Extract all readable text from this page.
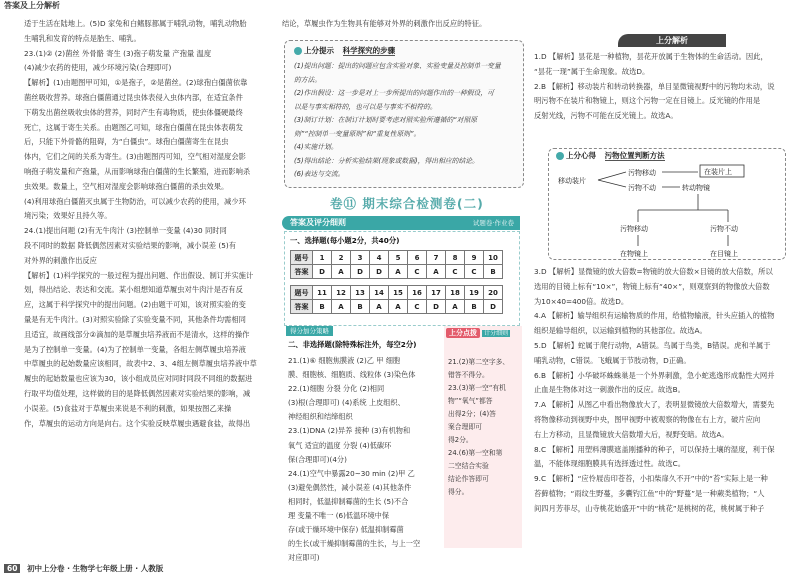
答案及上分解析
适于生活在陆地上。(5)D 家兔和白鳍豚都属于哺乳动物，哺乳动物胎
生哺乳和发育的特点是胎生、哺乳。
23.(1)② (2)菌丝 外骨骼 寄生 (3)孢子萌发量 产孢量 温度
(4)减少农药的使用，减少环境污染(合理即可)
【解析】(1)由题图甲可知，①是孢子，②是菌丝。(2)球孢白僵菌依靠
菌丝吸收营养。球孢白僵菌通过昆虫体表侵入虫体内部，在适宜条件
下萌发出菌丝吸收虫体的营养，同时产生有毒物质，使虫体僵硬最终
死亡，这属于寄生关系。由题图乙可知，球孢白僵菌在昆虫体表萌发
后，只能下外骨骼的阻碍，为“白僵虫”。球孢白僵菌寄生在昆虫
体内，它们之间的关系为寄生。(3)由题图丙可知，空气相对湿度会影
响孢子萌发量和产孢量，从而影响球孢白僵菌的生长繁殖，进而影响杀
虫效果。数量上，空气相对湿度会影响球孢白僵菌的杀虫效果。
(4)利用球孢白僵菌灭虫属于生物防治，可以减少农药的使用，减少环
境污染；效果好且持久等。
24.(1)提出问题 (2)有无牛肉汁 (3)控制单一变量 (4)30 同时同
段不同时的数据 降低偶然因素对实验结果的影响，减小误差 (5)有
对外界的刺激作出反应
【解析】(1)科学探究的一般过程为提出问题、作出假设、制订并实施计
划，得出结论、表达和交流。某小组想知道草履虫对牛肉汁是否有反
应，这属于科学探究中的提出问题。(2)由题干可知，该对照实验的变
量是有无牛肉汁。(3)对照实验除了实验变量不同，其他条件均需相同
且适宜，故画线部分②滴加的是草履虫培养液而不是清水，这样的操作
是为了控制单一变量。(4)为了控制单一变量，各组左侧草履虫培养液
中草履虫的起始数量应该相同，故表中2、3、4组左侧草履虫培养液中草
履虫的起始数量也应该为30，该小组成员应对同时同段不同组的数据进
行取平均值处理，这样做的目的是降低偶然因素对实验结果的影响，减
小误差。(5)食盐对于草履虫来说是不利的刺激，如果按图乙来操
作，草履虫的运动方向是向右。这个实验反映草履虫遇避食盐，故得出
结论，草履虫作为生物具有能够对外界的刺激作出反应的特征。
上分提示 科学探究的步骤
(1)提出问题：提出的问题应包含实验对象、实验变量及控制单一变量
的方法。
(2)作出假设：这一步是对上一步所提出的问题作出的一种假设，可
以是与事实相符的，也可以是与事实不相符的。
(3)制订计划：在制订计划时要考虑对照实验所遵循的“对照原
则”“控制单一变量原则”和“重复性原则”。
(4)实施计划。
(5)得出结论：分析实验结果(现象或数据)，得出相应的结论。
(6)表达与交流。
卷⑪ 期末综合检测卷(二)
答案及评分细则	试题卷·作业卷
一、选择题(每小题2分，共40分)
题号	1	2	3	4	5	6	7	8	9	10
答案	D	A	D	D	A	C	A	C	C	B
题号	11	12	13	14	15	16	17	18	19	20
答案	B	A	B	A	A	C	D	A	B	D
得分加分策略
二、非选择题(除特殊标注外，每空2分)
21.(1)⑥ 细胞焦膜液 (2)乙 甲 细胞
膜、细胞核、细胞质、线粒体 (3)染色体
22.(1)细胞 分裂 分化 (2)相同
(3)根(合理即可) (4)系统 上皮组织、
神经组织和结缔组织
23.(1)DNA (2)异养 接种 (3)有机物和
氧气 适宜的温度 分裂 (4)低碳环
保(合理即可)(4分)
24.(1)空气中暴露20~30 min (2)甲 乙
(3)避免偶然性，减小误差 (4)其他条件
相同时，低温抑制霉菌的生长 (5)不合
理 变量不唯一 (6)低温环境中保
存(或于燥环境中保存) 低温抑制霉菌
的生长(或干燥抑制霉菌的生长，与上一空
对应即可)
上分点拨 计分细则
21.(2)第二空字多、
错答不得分。
23.(3)第一空“有机
物”“氧气”都答
出得2分；(4)答
案合理即可
得2分。
24.(6)第一空和第
二空结合实验
结论作答即可
得分。
上分解析
1.D 【解析】昙花是一种植物，昙花开放属于生物体的生命活动。因此，
“昙花一现”属于生命现象。故选D。
2.B 【解析】移动装片和转动转换器，单目显微镜视野中的污物均未动，说
明污物不在装片和物镜上，则这个污物一定在目镜上。反光镜的作用是
反射光线，污物不可能在反光镜上。故选A。
上分心得 污物位置判断方法
移动装片
污物移动
污物不动
在装片上
转动物镜
污物移动	污物不动
在物镜上	在目镜上
3.D 【解析】显微镜的放大倍数=物镜的放大倍数×目镜的放大倍数，所以
选用的目镜上标有“10×”，物镜上标有“40×”，则观察到的物像放大倍数
为10×40=400倍。故选D。
4.A 【解析】输导组织有运输物质的作用，给植物输液，针头应插入的植物
组织是输导组织，以运输到植物的其他部位。故选A。
5.D 【解析】蛇属于爬行动物，A错误。鸟属于鸟类，B错误。虎和羊属于
哺乳动物，C错误。飞蛾属于节肢动物，D正确。
6.B 【解析】小华破坏蛛蛛巢是一个外界刺激，急小蛇逃逸形成黏性大网并
止血是生物体对这一刺激作出的反应。故选B。
7.A 【解析】从图乙中看出物像放大了，表明显微镜放大倍数增大，需要先
将物像移动到视野中央，图甲视野中被观察的物像在右上方，破片应向
右上方移动，且显微镜放大倍数增大后，视野变暗。故选A。
8.C 【解析】用塑料薄膜遮盖刚播种的种子，可以保持土壤的湿度，利于保
温，不能体现细胞膜具有选择透过性。故选C。
9.C 【解析】“应怜屐齿印苍苔，小扣柴扉久不开”中的“苔”实际上是一种
苔藓植物；“雨纹生野蔓，多囊钓江鱼”中的“野蔓”是一种蕨类植物；“人
间四月芳菲尽，山寺桃花始盛开”中的“桃花”是桃树的花，桃树属于种子
60 初中上分卷 · 生物学七年级上册 · 人教版
